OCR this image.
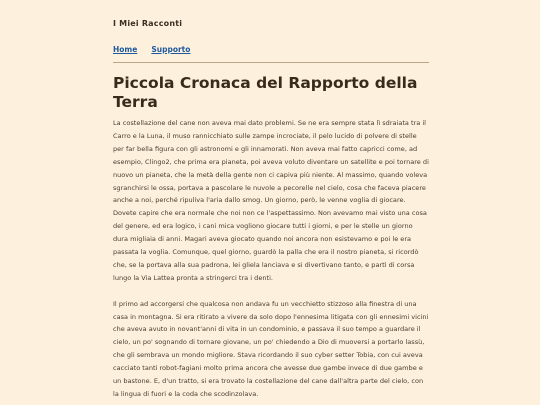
I Miei Racconti
Home Supporto
Piccola Cronaca del Rapporto della Terra

La costellazione del cane non aveva mai dato problemi. Se ne era sempre stata lì sdraiata tra il Carro e la Luna, il muso rannicchiato sulle zampe incrociate, il pelo lucido di polvere di stelle per far bella figura con gli astronomi e gli innamorati. Non aveva mai fatto capricci come, ad esempio, Clingo2, che prima era pianeta, poi aveva voluto diventare un satellite e poi tornare di nuovo un pianeta, che la metà della gente non ci capiva più niente. Al massimo, quando voleva sgranchirsi le ossa, portava a pascolare le nuvole a pecorelle nel cielo, cosa che faceva piacere anche a noi, perché ripuliva l'aria dallo smog. Un giorno, però, le venne voglia di giocare. Dovete capire che era normale che noi non ce l'aspettassimo. Non avevamo mai visto una cosa del genere, ed era logico, i cani mica vogliono giocare tutti i giorni, e per le stelle un giorno dura migliaia di anni. Magari aveva giocato quando noi ancora non esistevamo e poi le era passata la voglia. Comunque, quel giorno, guardò la palla che era il nostro pianeta, si ricordò che, se la portava alla sua padrona, lei gliela lanciava e si divertivano tanto, e partì di corsa lungo la Via Lattea pronta a stringerci tra i denti.

Il primo ad accorgersi che qualcosa non andava fu un vecchietto stizzoso alla finestra di una casa in montagna. Si era ritirato a vivere da solo dopo l'ennesima litigata con gli ennesimi vicini che aveva avuto in novant'anni di vita in un condominio, e passava il suo tempo a guardare il cielo, un po' sognando di tornare giovane, un po' chiedendo a Dio di muoversi a portarlo lassù, che gli sembrava un mondo migliore. Stava ricordando il suo cyber setter Tobia, con cui aveva cacciato tanti robot-fagiani molto prima ancora che avesse due gambe invece di due gambe e un bastone. E, d'un tratto, si era trovato la costellazione del cane dall'altra parte del cielo, con la lingua di fuori e la coda che scodinzolava.
